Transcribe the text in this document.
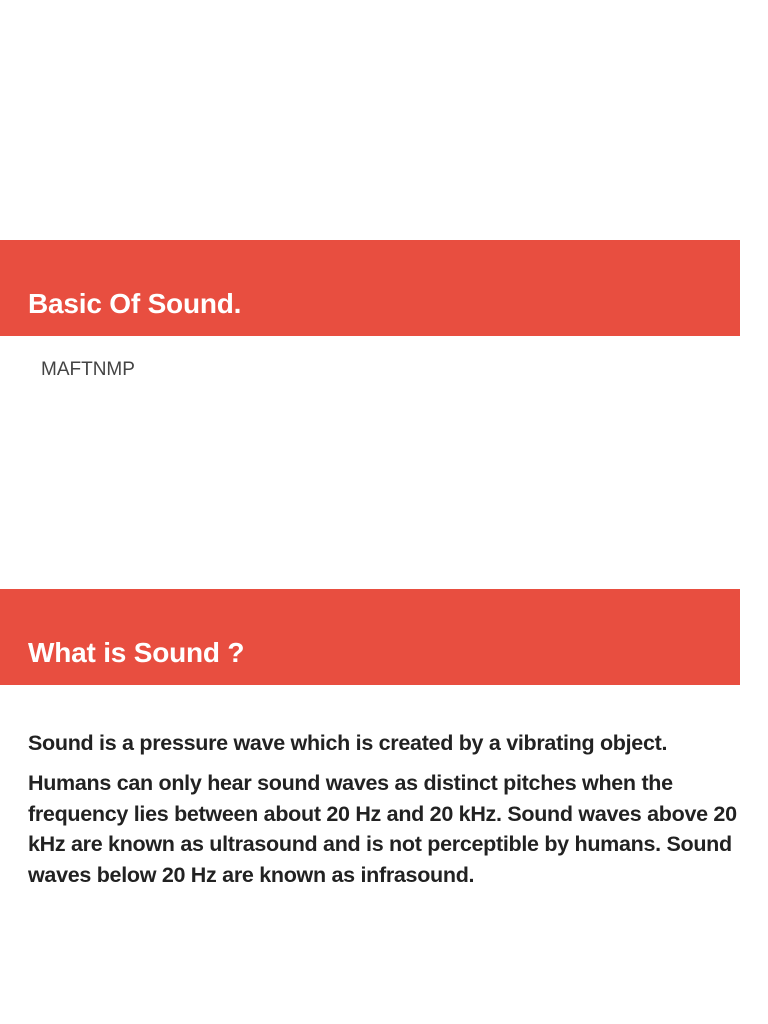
Basic Of Sound.

MAFTNMP

What is Sound ?

Sound is a pressure wave which is created by a vibrating object.

Humans can only hear sound waves as distinct pitches when the frequency lies between about 20 Hz and 20 kHz. Sound waves above 20 kHz are known as ultrasound and is not perceptible by humans. Sound waves below 20 Hz are known as infrasound.
